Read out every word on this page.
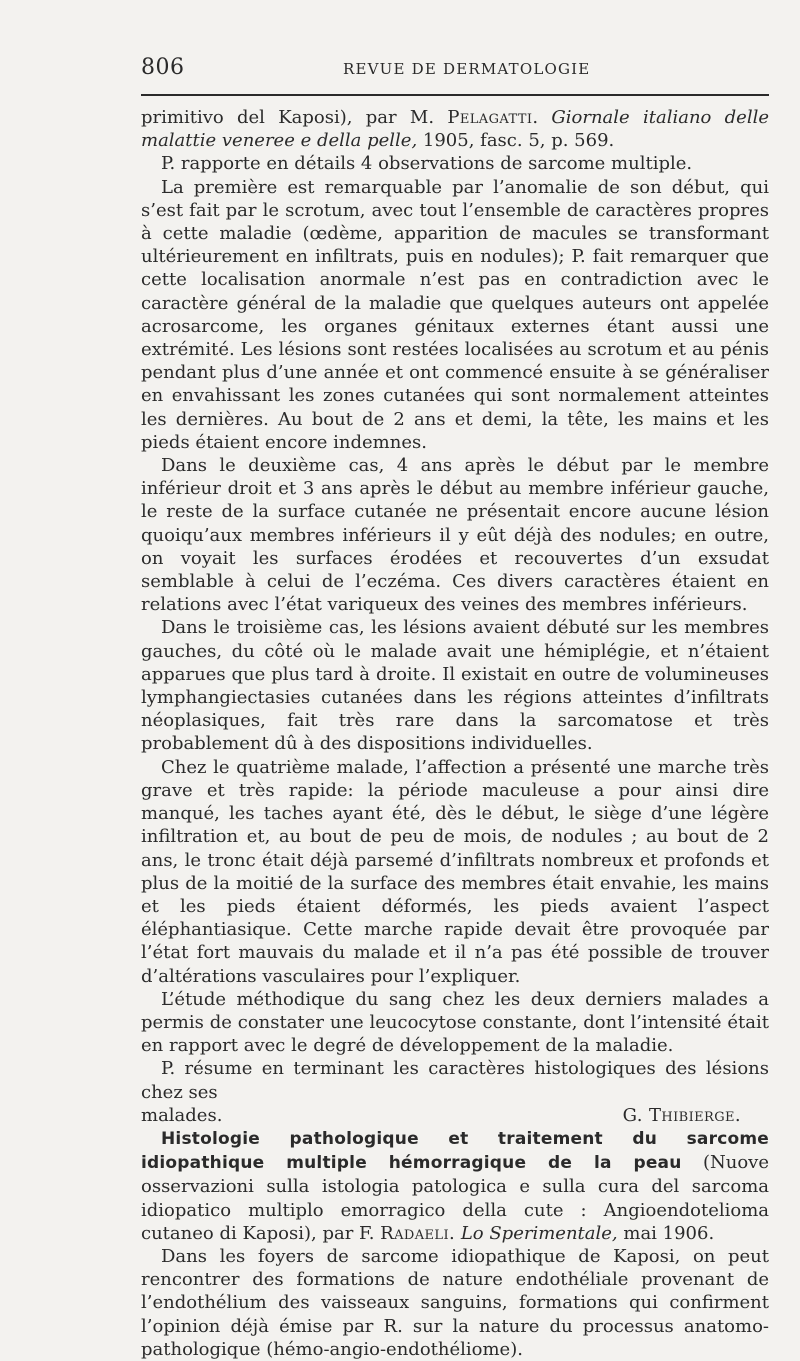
806	REVUE DE DERMATOLOGIE

primitivo del Kaposi), par M. Pelagatti. Giornale italiano delle malattie veneree e della pelle, 1905, fasc. 5, p. 569.

P. rapporte en détails 4 observations de sarcome multiple.

La première est remarquable par l’anomalie de son début, qui s’est fait par le scrotum, avec tout l’ensemble de caractères propres à cette maladie (œdème, apparition de macules se transformant ultérieurement en infiltrats, puis en nodules); P. fait remarquer que cette localisation anormale n’est pas en contradiction avec le caractère général de la maladie que quelques auteurs ont appelée acrosarcome, les organes génitaux externes étant aussi une extrémité. Les lésions sont restées localisées au scrotum et au pénis pendant plus d’une année et ont commencé ensuite à se généraliser en envahissant les zones cutanées qui sont normalement atteintes les dernières. Au bout de 2 ans et demi, la tête, les mains et les pieds étaient encore indemnes.

Dans le deuxième cas, 4 ans après le début par le membre inférieur droit et 3 ans après le début au membre inférieur gauche, le reste de la surface cutanée ne présentait encore aucune lésion quoiqu’aux membres inférieurs il y eût déjà des nodules; en outre, on voyait les surfaces érodées et recouvertes d’un exsudat semblable à celui de l’eczéma. Ces divers caractères étaient en relations avec l’état variqueux des veines des membres inférieurs.

Dans le troisième cas, les lésions avaient débuté sur les membres gauches, du côté où le malade avait une hémiplégie, et n’étaient apparues que plus tard à droite. Il existait en outre de volumineuses lymphangiectasies cutanées dans les régions atteintes d’infiltrats néoplasiques, fait très rare dans la sarcomatose et très probablement dû à des dispositions individuelles.

Chez le quatrième malade, l’affection a présenté une marche très grave et très rapide: la période maculeuse a pour ainsi dire manqué, les taches ayant été, dès le début, le siège d’une légère infiltration et, au bout de peu de mois, de nodules ; au bout de 2 ans, le tronc était déjà parsemé d’infiltrats nombreux et profonds et plus de la moitié de la surface des membres était envahie, les mains et les pieds étaient déformés, les pieds avaient l’aspect éléphantiasique. Cette marche rapide devait être provoquée par l’état fort mauvais du malade et il n’a pas été possible de trouver d’altérations vasculaires pour l’expliquer.

L’étude méthodique du sang chez les deux derniers malades a permis de constater une leucocytose constante, dont l’intensité était en rapport avec le degré de développement de la maladie.

P. résume en terminant les caractères histologiques des lésions chez ses

malades.	G. Thibierge.

Histologie pathologique et traitement du sarcome idiopathique multiple hémorragique de la peau (Nuove osservazioni sulla istologia patologica e sulla cura del sarcoma idiopatico multiplo emorragico della cute : Angioendotelioma cutaneo di Kaposi), par F. Radaeli. Lo Sperimentale, mai 1906.

Dans les foyers de sarcome idiopathique de Kaposi, on peut rencontrer des formations de nature endothéliale provenant de l’endothélium des vaisseaux sanguins, formations qui confirment l’opinion déjà émise par R. sur la nature du processus anatomo-pathologique (hémo-angio-endothéliome).
